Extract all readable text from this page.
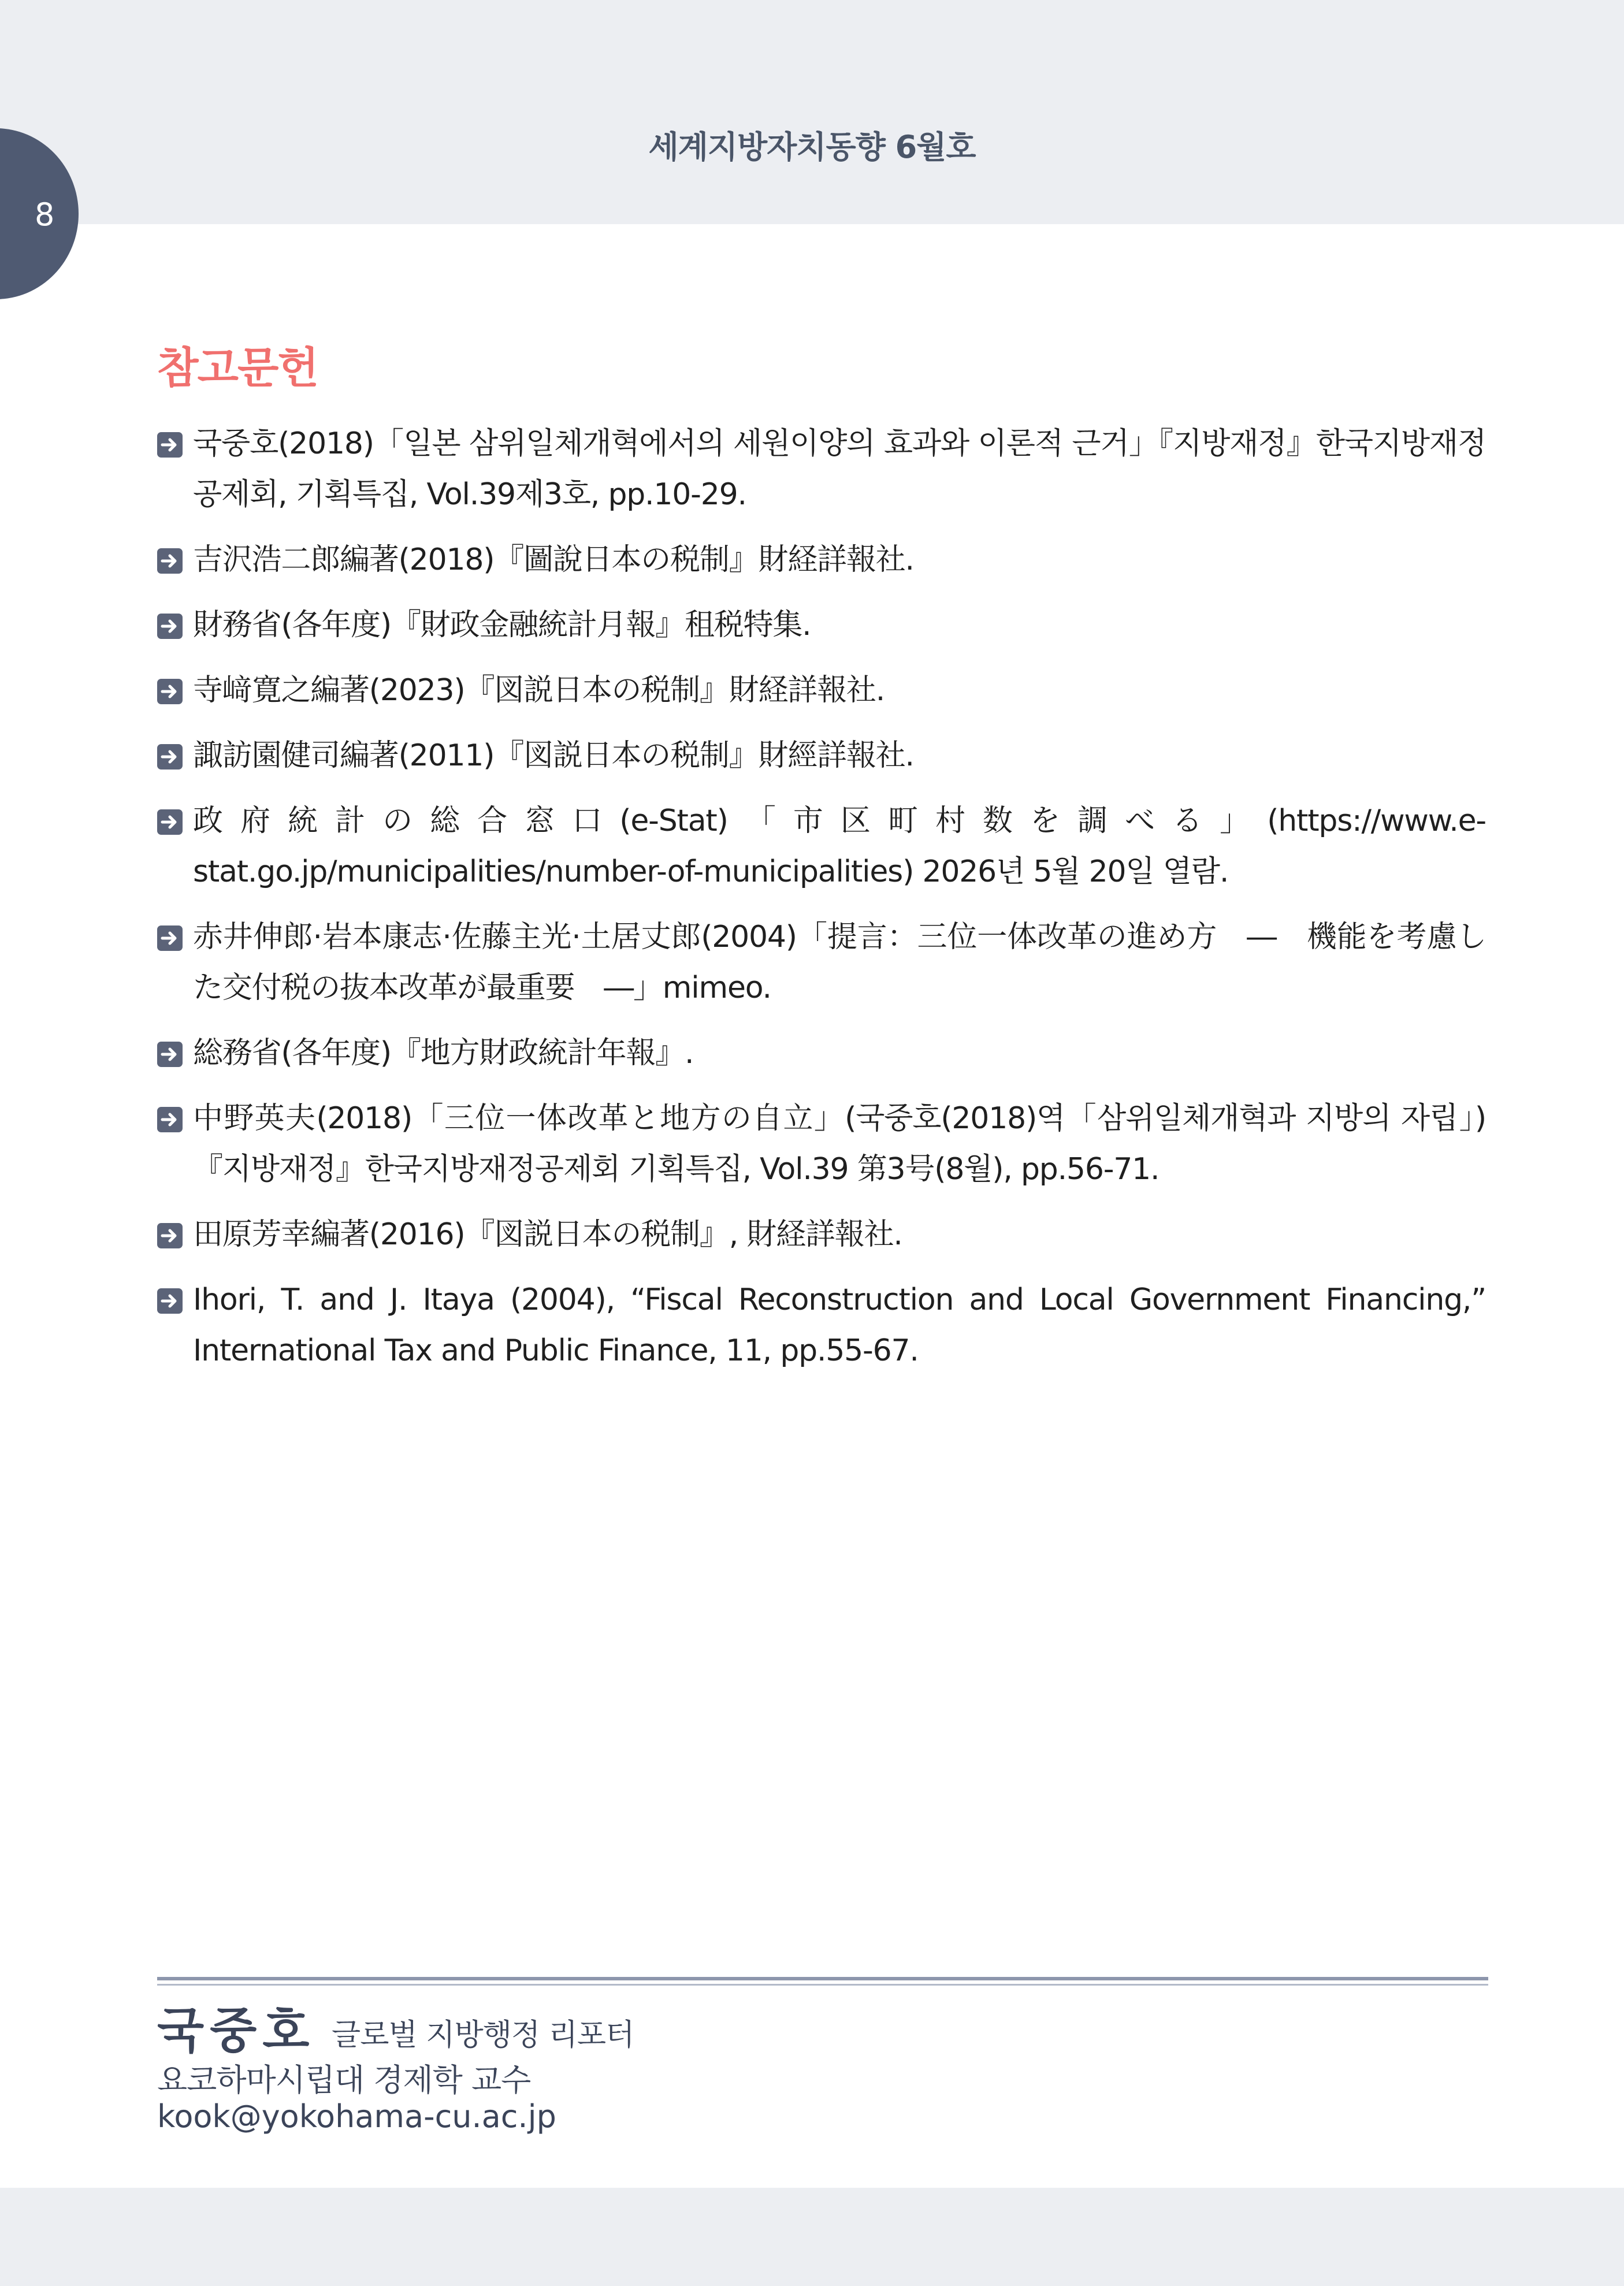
세계지방자치동향 6월호
8
참고문헌
국중호(2018)「일본 삼위일체개혁에서의 세원이양의 효과와 이론적 근거」『지방재정』한국지방재정공제회, 기획특집, Vol.39제3호, pp.10-29.
吉沢浩二郎編著(2018)『圖說日本の税制』財経詳報社.
財務省(各年度)『財政金融統計月報』租税特集.
寺﨑寛之編著(2023)『図説日本の税制』財経詳報社.
諏訪園健司編著(2011)『図説日本の税制』財經詳報社.
政府統計の総合窓口(e-Stat)「市区町村数を調べる」(https://www.e-stat.go.jp/municipalities/number-of-municipalities) 2026년 5월 20일 열람.
赤井伸郎·岩本康志·佐藤主光·土居丈郎(2004)「提言：三位一体改革の進め方　―　機能を考慮した交付税の抜本改革が最重要　―」mimeo.
総務省(各年度)『地方財政統計年報』.
中野英夫(2018)「三位一体改革と地方の自立」(국중호(2018)역「삼위일체개혁과 지방의 자립」)『지방재정』한국지방재정공제회 기획특집, Vol.39 第3号(8월), pp.56-71.
田原芳幸編著(2016)『図説日本の税制』, 財経詳報社.
Ihori, T. and J. Itaya (2004), “Fiscal Reconstruction and Local Government Financing,” International Tax and Public Finance, 11, pp.55-67.
국중호 글로벌 지방행정 리포터
요코하마시립대 경제학 교수
kook@yokohama-cu.ac.jp
